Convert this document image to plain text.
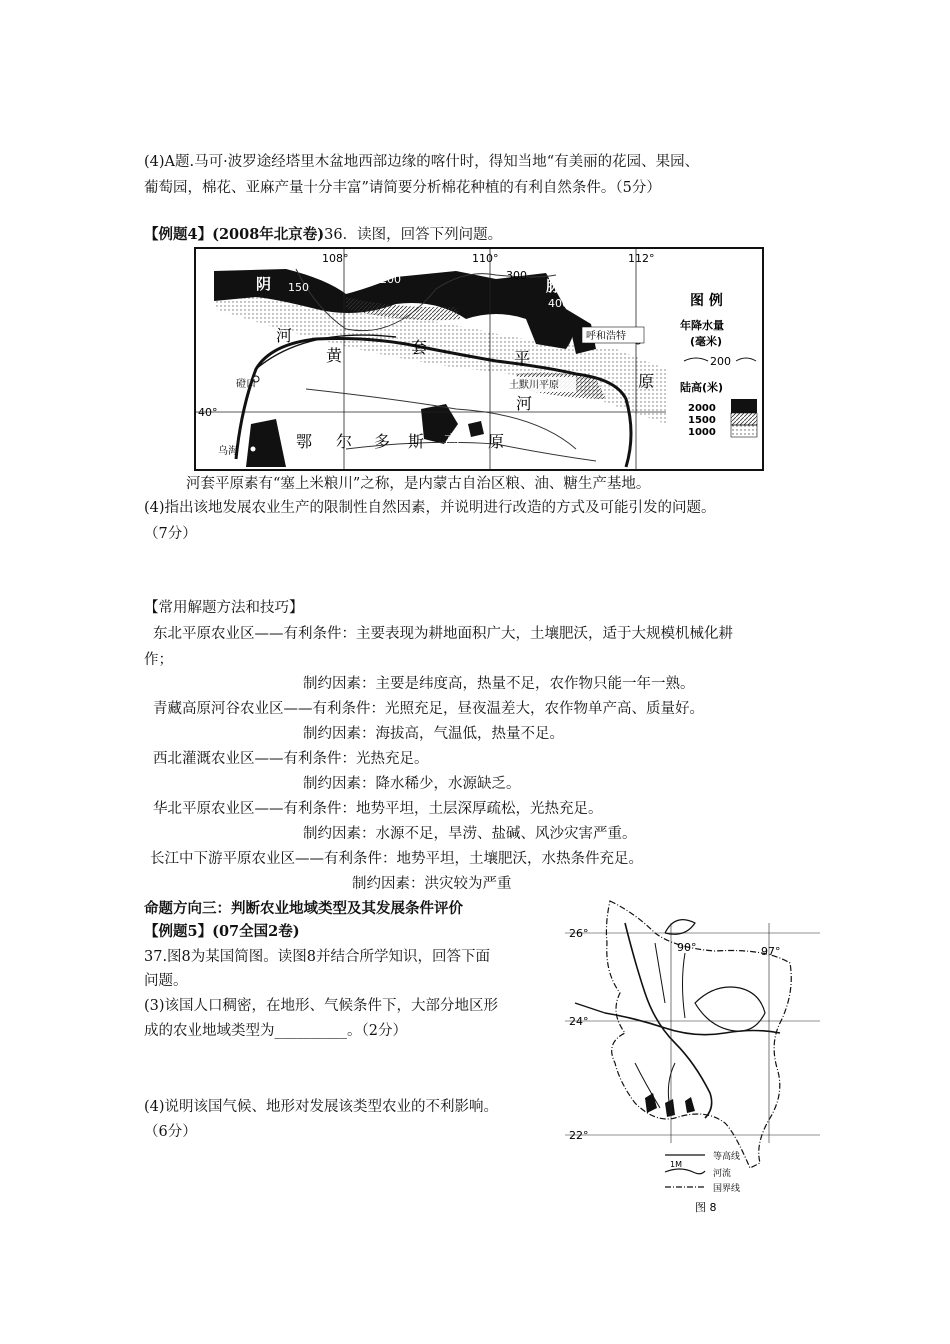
(4)A题.马可·波罗途经塔里木盆地西部边缘的喀什时，得知当地“有美丽的花园、果园、
葡萄园，棉花、亚麻产量十分丰富”请简要分析棉花种植的有利自然条件。（5分）
【例题4】(2008年北京卷)36．读图，回答下列问题。
108°	110°	112°
40°
150
200	300
400
阴
山
脉
河
黄	套
平
河
原
磴口
呼和浩特
土默川平原
乌海
鄂 尔 多 斯 高 原
图 例
年降水量
(毫米)
200
陆高(米)
2000
1500
1000
河套平原素有“塞上米粮川”之称，是内蒙古自治区粮、油、糖生产基地。
(4)指出该地发展农业生产的限制性自然因素，并说明进行改造的方式及可能引发的问题。
（7分）
【常用解题方法和技巧】
东北平原农业区——有利条件：主要表现为耕地面积广大，土壤肥沃，适于大规模机械化耕
作；
制约因素：主要是纬度高，热量不足，农作物只能一年一熟。
青藏高原河谷农业区——有利条件：光照充足，昼夜温差大，农作物单产高、质量好。
制约因素：海拔高，气温低，热量不足。
西北灌溉农业区——有利条件：光热充足。
制约因素：降水稀少，水源缺乏。
华北平原农业区——有利条件：地势平坦，土层深厚疏松，光热充足。
制约因素：水源不足，旱涝、盐碱、风沙灾害严重。
长江中下游平原农业区——有利条件：地势平坦，土壤肥沃，水热条件充足。
制约因素：洪灾较为严重
命题方向三：判断农业地域类型及其发展条件评价
【例题5】(07全国2卷)
37.图8为某国简图。读图8并结合所学知识，回答下面
问题。
(3)该国人口稠密，在地形、气候条件下，大部分地区形
成的农业地域类型为__________。（2分）
(4)说明该国气候、地形对发展该类型农业的不利影响。
（6分）
26°
24°
22°
90°	97°
1M
等高线
河流
国界线
图 8
